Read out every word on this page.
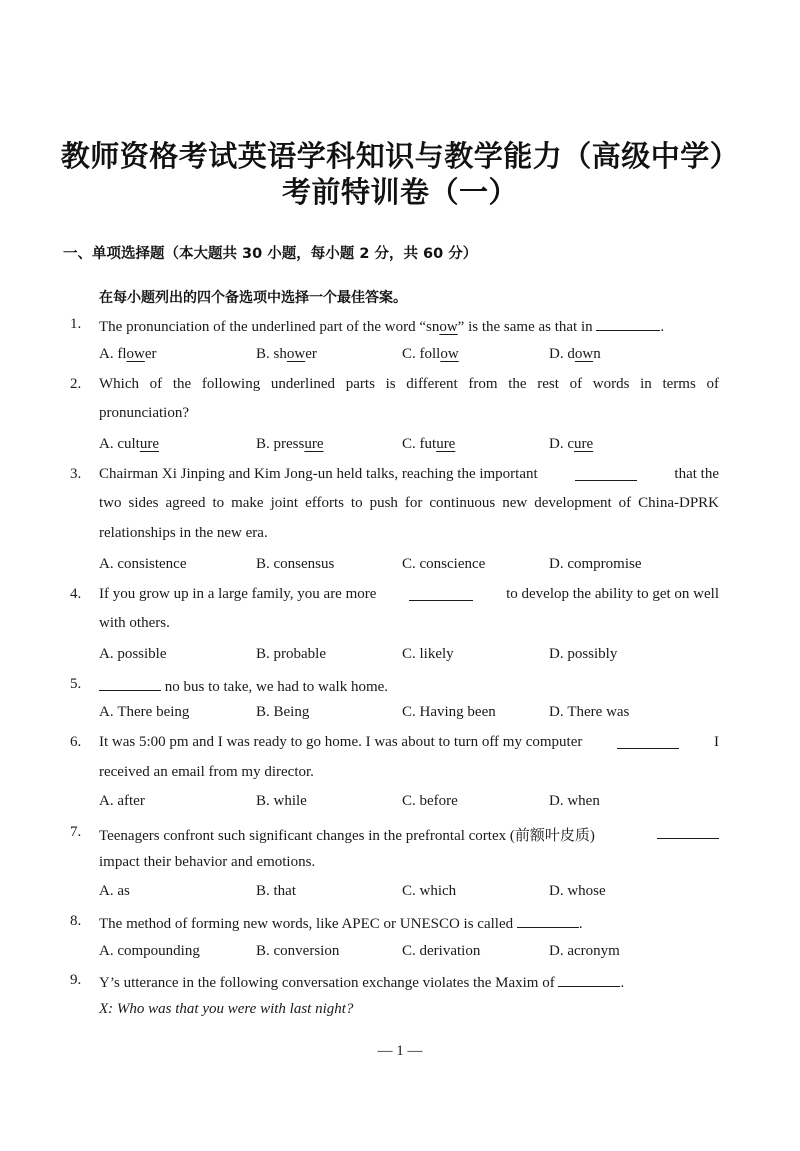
教师资格考试英语学科知识与教学能力（高级中学）
考前特训卷（一）
一、单项选择题（本大题共 30 小题，每小题 2 分，共 60 分）
在每小题列出的四个备选项中选择一个最佳答案。
1.	The pronunciation of the underlined part of the word “snow” is the same as that in	.
A. flower	B. shower	C. follow	D. down
2.	Which of the following underlined parts is different from the rest of words in terms of
pronunciation?
A. culture	B. pressure	C. future	D. cure
3.	Chairman Xi Jinping and Kim Jong-un held talks, reaching the important	that the
two sides agreed to make joint efforts to push for continuous new development of China-DPRK
relationships in the new era.
A. consistence	B. consensus	C. conscience	D. compromise
4.	If you grow up in a large family, you are more	to develop the ability to get on well
with others.
A. possible	B. probable	C. likely	D. possibly
5.	no bus to take, we had to walk home.
A. There being	B. Being	C. Having been	D. There was
6.	It was 5:00 pm and I was ready to go home. I was about to turn off my computer	I
received an email from my director.
A. after	B. while	C. before	D. when
7.	Teenagers confront such significant changes in the prefrontal cortex (前额叶皮质)
impact their behavior and emotions.
A. as	B. that	C. which	D. whose
8.	The method of forming new words, like APEC or UNESCO is called	.
A. compounding	B. conversion	C. derivation	D. acronym
9.	Y’s utterance in the following conversation exchange violates the Maxim of	.
X: Who was that you were with last night?
— 1 —
